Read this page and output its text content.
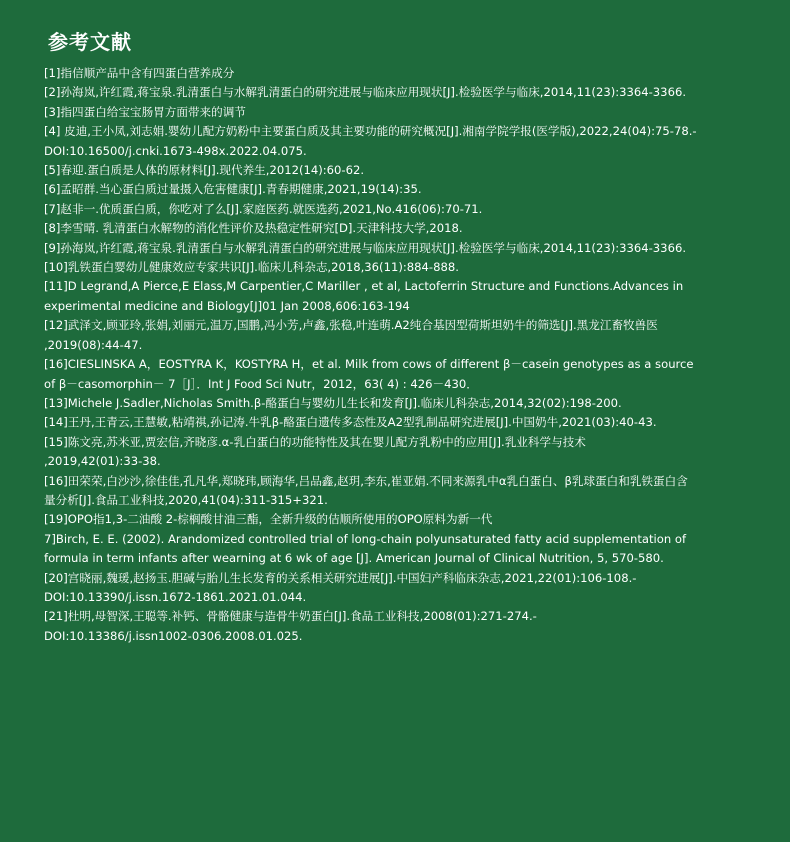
参考文献
[1]指信顺产品中含有四蛋白营养成分
[2]孙海岚,许红霞,蒋宝泉.乳清蛋白与水解乳清蛋白的研究进展与临床应用现状[J].检验医学与临床,2014,11(23):3364-3366.
[3]指四蛋白给宝宝肠胃方面带来的调节
[4] 皮迪,王小凤,刘志娟.婴幼儿配方奶粉中主要蛋白质及其主要功能的研究概况[J].湘南学院学报(医学版),2022,24(04):75-78.-
DOI:10.16500/j.cnki.1673-498x.2022.04.075.
[5]春迎.蛋白质是人体的原材料[J].现代养生,2012(14):60-62.
[6]孟昭群.当心蛋白质过量摄入危害健康[J].青春期健康,2021,19(14):35.
[7]赵非一.优质蛋白质，你吃对了么[J].家庭医药.就医选药,2021,No.416(06):70-71.
[8]李雪晴. 乳清蛋白水解物的消化性评价及热稳定性研究[D].天津科技大学,2018.
[9]孙海岚,许红霞,蒋宝泉.乳清蛋白与水解乳清蛋白的研究进展与临床应用现状[J].检验医学与临床,2014,11(23):3364-3366.
[10]乳铁蛋白婴幼儿健康效应专家共识[J].临床儿科杂志,2018,36(11):884-888.
[11]D Legrand,A Pierce,E Elass,M Carpentier,C Mariller , et al, Lactoferrin Structure and Functions.Advances in
experimental medicine and Biology[J]01 Jan 2008,606:163-194
[12]武泽文,顾亚玲,张娟,刘丽元,温万,国鹏,冯小芳,卢鑫,张稳,叶连萌.A2纯合基因型荷斯坦奶牛的筛选[J].黑龙江畜牧兽医
,2019(08):44-47.
[16]CIESLINSKA A，EOSTYRA K，KOSTYRA H，et al. Milk from cows of different β－casein genotypes as a source
of β－casomorphin－ 7［J］．Int J Food Sci Nutr，2012，63( 4) : 426－430．
[13]Michele J.Sadler,Nicholas Smith.β-酪蛋白与婴幼儿生长和发育[J].临床儿科杂志,2014,32(02):198-200.
[14]王丹,王青云,王慧敏,粘靖祺,孙记涛.牛乳β-酪蛋白遗传多态性及A2型乳制品研究进展[J].中国奶牛,2021(03):40-43.
[15]陈文亮,苏米亚,贾宏信,齐晓彦.α-乳白蛋白的功能特性及其在婴儿配方乳粉中的应用[J].乳业科学与技术
,2019,42(01):33-38.
[16]田荣荣,白沙沙,徐佳佳,孔凡华,郑晓玮,顾海华,吕品鑫,赵玥,李东,崔亚娟.不同来源乳中α乳白蛋白、β乳球蛋白和乳铁蛋白含
量分析[J].食品工业科技,2020,41(04):311-315+321.
[19]OPO指1,3-二油酸 2-棕榈酸甘油三酯，全新升级的佶顺所使用的OPO原料为新一代
7]Birch, E. E. (2002). Arandomized controlled trial of long-chain polyunsaturated fatty acid supplementation of
formula in term infants after wearning at 6 wk of age [J]. American Journal of Clinical Nutrition, 5, 570-580.
[20]宫晓丽,魏瑗,赵扬玉.胆碱与胎儿生长发育的关系相关研究进展[J].中国妇产科临床杂志,2021,22(01):106-108.-
DOI:10.13390/j.issn.1672-1861.2021.01.044.
[21]杜明,母智深,王聪等.补钙、骨骼健康与造骨牛奶蛋白[J].食品工业科技,2008(01):271-274.-
DOI:10.13386/j.issn1002-0306.2008.01.025.
